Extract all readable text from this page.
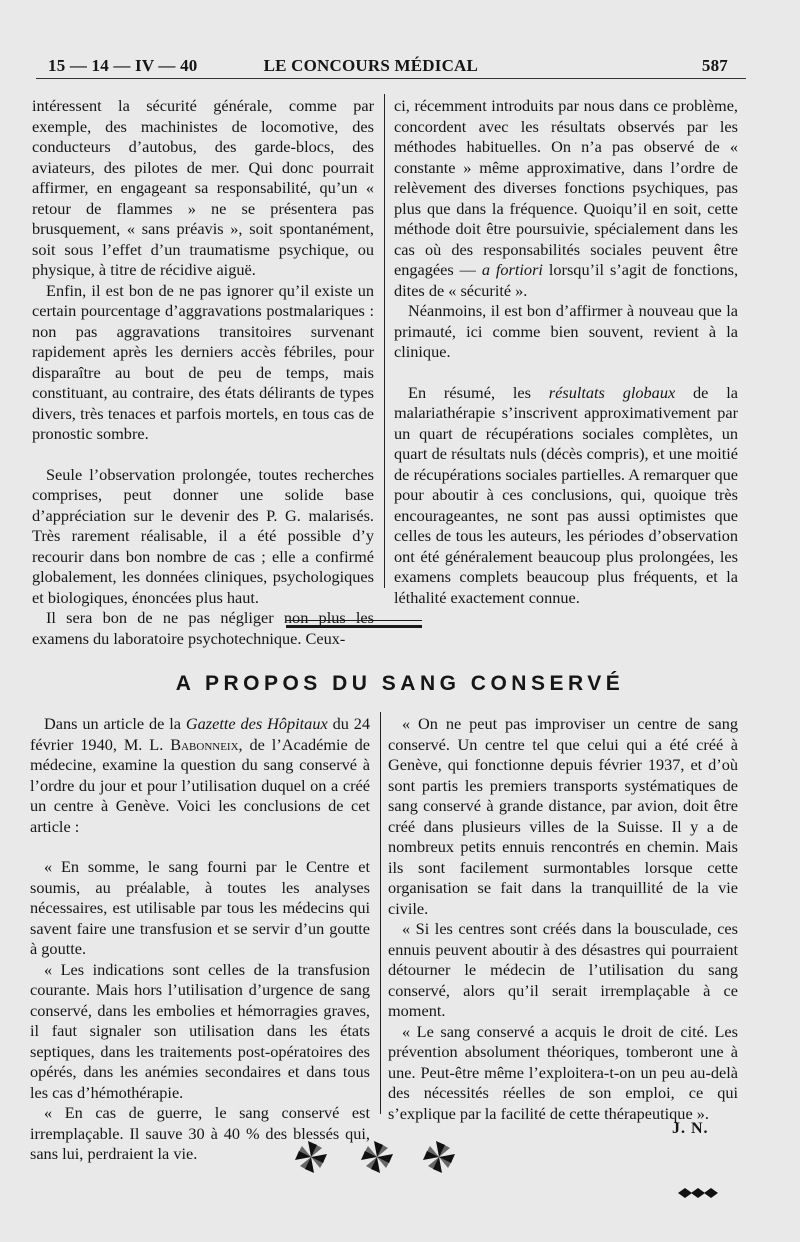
15 — 14 — IV — 40	LE CONCOURS MÉDICAL	587

intéressent la sécurité générale, comme par exemple, des machinistes de locomotive, des conducteurs d’autobus, des garde-blocs, des aviateurs, des pilotes de mer. Qui donc pourrait affirmer, en engageant sa responsabilité, qu’un « retour de flammes » ne se présentera pas brusquement, « sans préavis », soit spontanément, soit sous l’effet d’un traumatisme psychique, ou physique, à titre de récidive aiguë.

Enfin, il est bon de ne pas ignorer qu’il existe un certain pourcentage d’aggravations postmalariques : non pas aggravations transitoires survenant rapidement après les derniers accès fébriles, pour disparaître au bout de peu de temps, mais constituant, au contraire, des états délirants de types divers, très tenaces et parfois mortels, en tous cas de pronostic sombre.

Seule l’observation prolongée, toutes recherches comprises, peut donner une solide base d’appréciation sur le devenir des P. G. malarisés. Très rarement réalisable, il a été possible d’y recourir dans bon nombre de cas ; elle a confirmé globalement, les données cliniques, psychologiques et biologiques, énoncées plus haut.

Il sera bon de ne pas négliger non plus les examens du laboratoire psychotechnique. Ceux-

ci, récemment introduits par nous dans ce problème, concordent avec les résultats observés par les méthodes habituelles. On n’a pas observé de « constante » même approximative, dans l’ordre de relèvement des diverses fonctions psychiques, pas plus que dans la fréquence. Quoiqu’il en soit, cette méthode doit être poursuivie, spécialement dans les cas où des responsabilités sociales peuvent être engagées — a fortiori lorsqu’il s’agit de fonctions, dites de « sécurité ».

Néanmoins, il est bon d’affirmer à nouveau que la primauté, ici comme bien souvent, revient à la clinique.

En résumé, les résultats globaux de la malariathérapie s’inscrivent approximativement par un quart de récupérations sociales complètes, un quart de résultats nuls (décès compris), et une moitié de récupérations sociales partielles. A remarquer que pour aboutir à ces conclusions, qui, quoique très encourageantes, ne sont pas aussi optimistes que celles de tous les auteurs, les périodes d’observation ont été généralement beaucoup plus prolongées, les examens complets beaucoup plus fréquents, et la léthalité exactement connue.

A PROPOS DU SANG CONSERVÉ

Dans un article de la Gazette des Hôpitaux du 24 février 1940, M. L. Babonneix, de l’Académie de médecine, examine la question du sang conservé à l’ordre du jour et pour l’utilisation duquel on a créé un centre à Genève. Voici les conclusions de cet article :

« En somme, le sang fourni par le Centre et soumis, au préalable, à toutes les analyses nécessaires, est utilisable par tous les médecins qui savent faire une transfusion et se servir d’un goutte à goutte.

« Les indications sont celles de la transfusion courante. Mais hors l’utilisation d’urgence de sang conservé, dans les embolies et hémorragies graves, il faut signaler son utilisation dans les états septiques, dans les traitements post-opératoires des opérés, dans les anémies secondaires et dans tous les cas d’hémothérapie.

« En cas de guerre, le sang conservé est irremplaçable. Il sauve 30 à 40 % des blessés qui, sans lui, perdraient la vie.

« On ne peut pas improviser un centre de sang conservé. Un centre tel que celui qui a été créé à Genève, qui fonctionne depuis février 1937, et d’où sont partis les premiers transports systématiques de sang conservé à grande distance, par avion, doit être créé dans plusieurs villes de la Suisse. Il y a de nombreux petits ennuis rencontrés en chemin. Mais ils sont facilement surmontables lorsque cette organisation se fait dans la tranquillité de la vie civile.

« Si les centres sont créés dans la bousculade, ces ennuis peuvent aboutir à des désastres qui pourraient détourner le médecin de l’utilisation du sang conservé, alors qu’il serait irremplaçable à ce moment.

« Le sang conservé a acquis le droit de cité. Les prévention absolument théoriques, tomberont une à une. Peut-être même l’exploitera-t-on un peu au-delà des nécessités réelles de son emploi, ce qui s’explique par la facilité de cette thérapeutique ».

J. N.
